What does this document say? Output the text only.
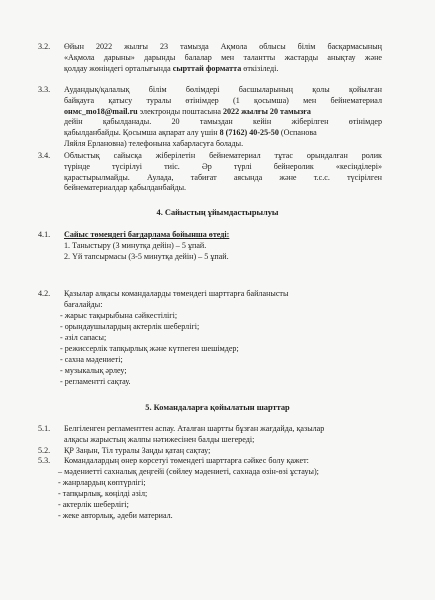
3.2. Өйын 2022 жылғы 23 тамызда Ақмола облысы білім басқармасының
«Ақмола дарыны» дарынды балалар мен талантты жастарды анықтау және
қолдау жөніндегі орталығында сырттай форматта өткізіледі.
3.3. Аудандық/қалалық білім бөлімдері басшыларының қолы қойылған
байқауға қатысу туралы өтінімдер (1 қосымша) мен бейнематериал
oнмс_mo18@mail.ru электронды поштасына 2022 жылғы 20 тамызға
дейін қабылданады. 20 тамыздан кейін жіберілген өтінімдер
қабылданбайды. Қосымша ақпарат алу үшін 8 (7162) 40-25-50 (Оспанова
Ляйля Ерлановна) телефонына хабарласуға болады.
3.4. Облыстық сайысқа жіберілетін бейнематериал тұтас орындалған ролик
түрінде түсірілуі тиіс. Әр түрлі бейнеролик «кесінділері»
қарастырылмайды. Аулада, табиғат аясында және т.с.с. түсірілген
бейнематериалдар қабылданбайды.
4. Сайыстың ұйымдастырылуы
4.1. Сайыс төмендегі бағдарлама бойынша өтеді:
1. Таныстыру (3 минутқа дейін) – 5 ұпай.
2. Үй тапсырмасы (3-5 минутқа дейін) – 5 ұпай.
4.2. Қазылар алқасы командаларды төмендегі шарттарға байланысты
бағалайды:
- жарыс тақырыбына сәйкестілігі;
- орындаушылардың актерлік шеберлігі;
- әзіл сапасы;
- режиссерлік тапқырлық және күтпеген шешімдер;
- сахна мәдениеті;
- музыкалық әрлеу;
- регламентті сақтау.
5. Командаларға қойылатын шарттар
5.1. Белгіленген регламенттен аспау. Аталған шартты бұзған жағдайда, қазылар
алқасы жарыстың жалпы нәтижесінен балды шегереді;
5.2. ҚР Заңын, Тіл туралы Заңды қатаң сақтау;
5.3. Командалардың өнер көрсетуі төмендегі шарттарға сәйкес болу қажет:
– мәдениетті сахналық деңгейі (сөйлеу мәдениеті, сахнада өзін-өзі ұстауы);
- жанрлардың көптүрлігі;
- тапқырлық, көңілді әзіл;
- актерлік шеберлігі;
- жеке авторлық, әдеби материал.
